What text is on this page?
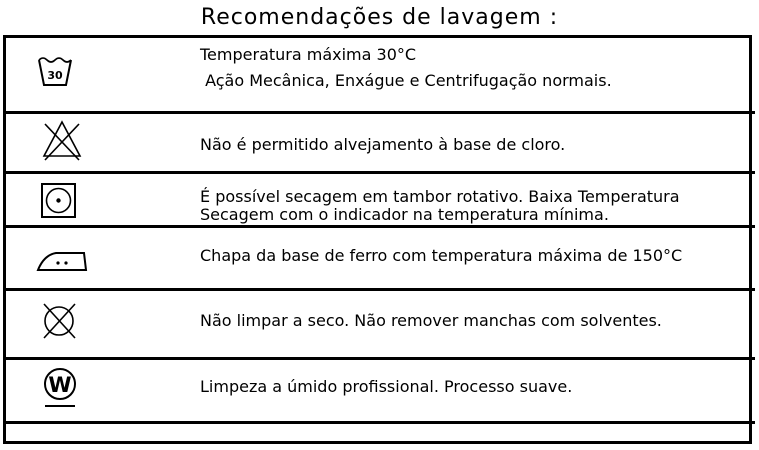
Recomendações de lavagem :
30
Temperatura máxima 30°C
Ação Mecânica, Enxágue e Centrifugação normais.
Não é permitido alvejamento à base de cloro.
É possível secagem em tambor rotativo. Baixa Temperatura
Secagem com o indicador na temperatura mínima.
Chapa da base de ferro com temperatura máxima de 150°C
Não limpar a seco. Não remover manchas com solventes.
W	Limpeza a úmido profissional. Processo suave.
